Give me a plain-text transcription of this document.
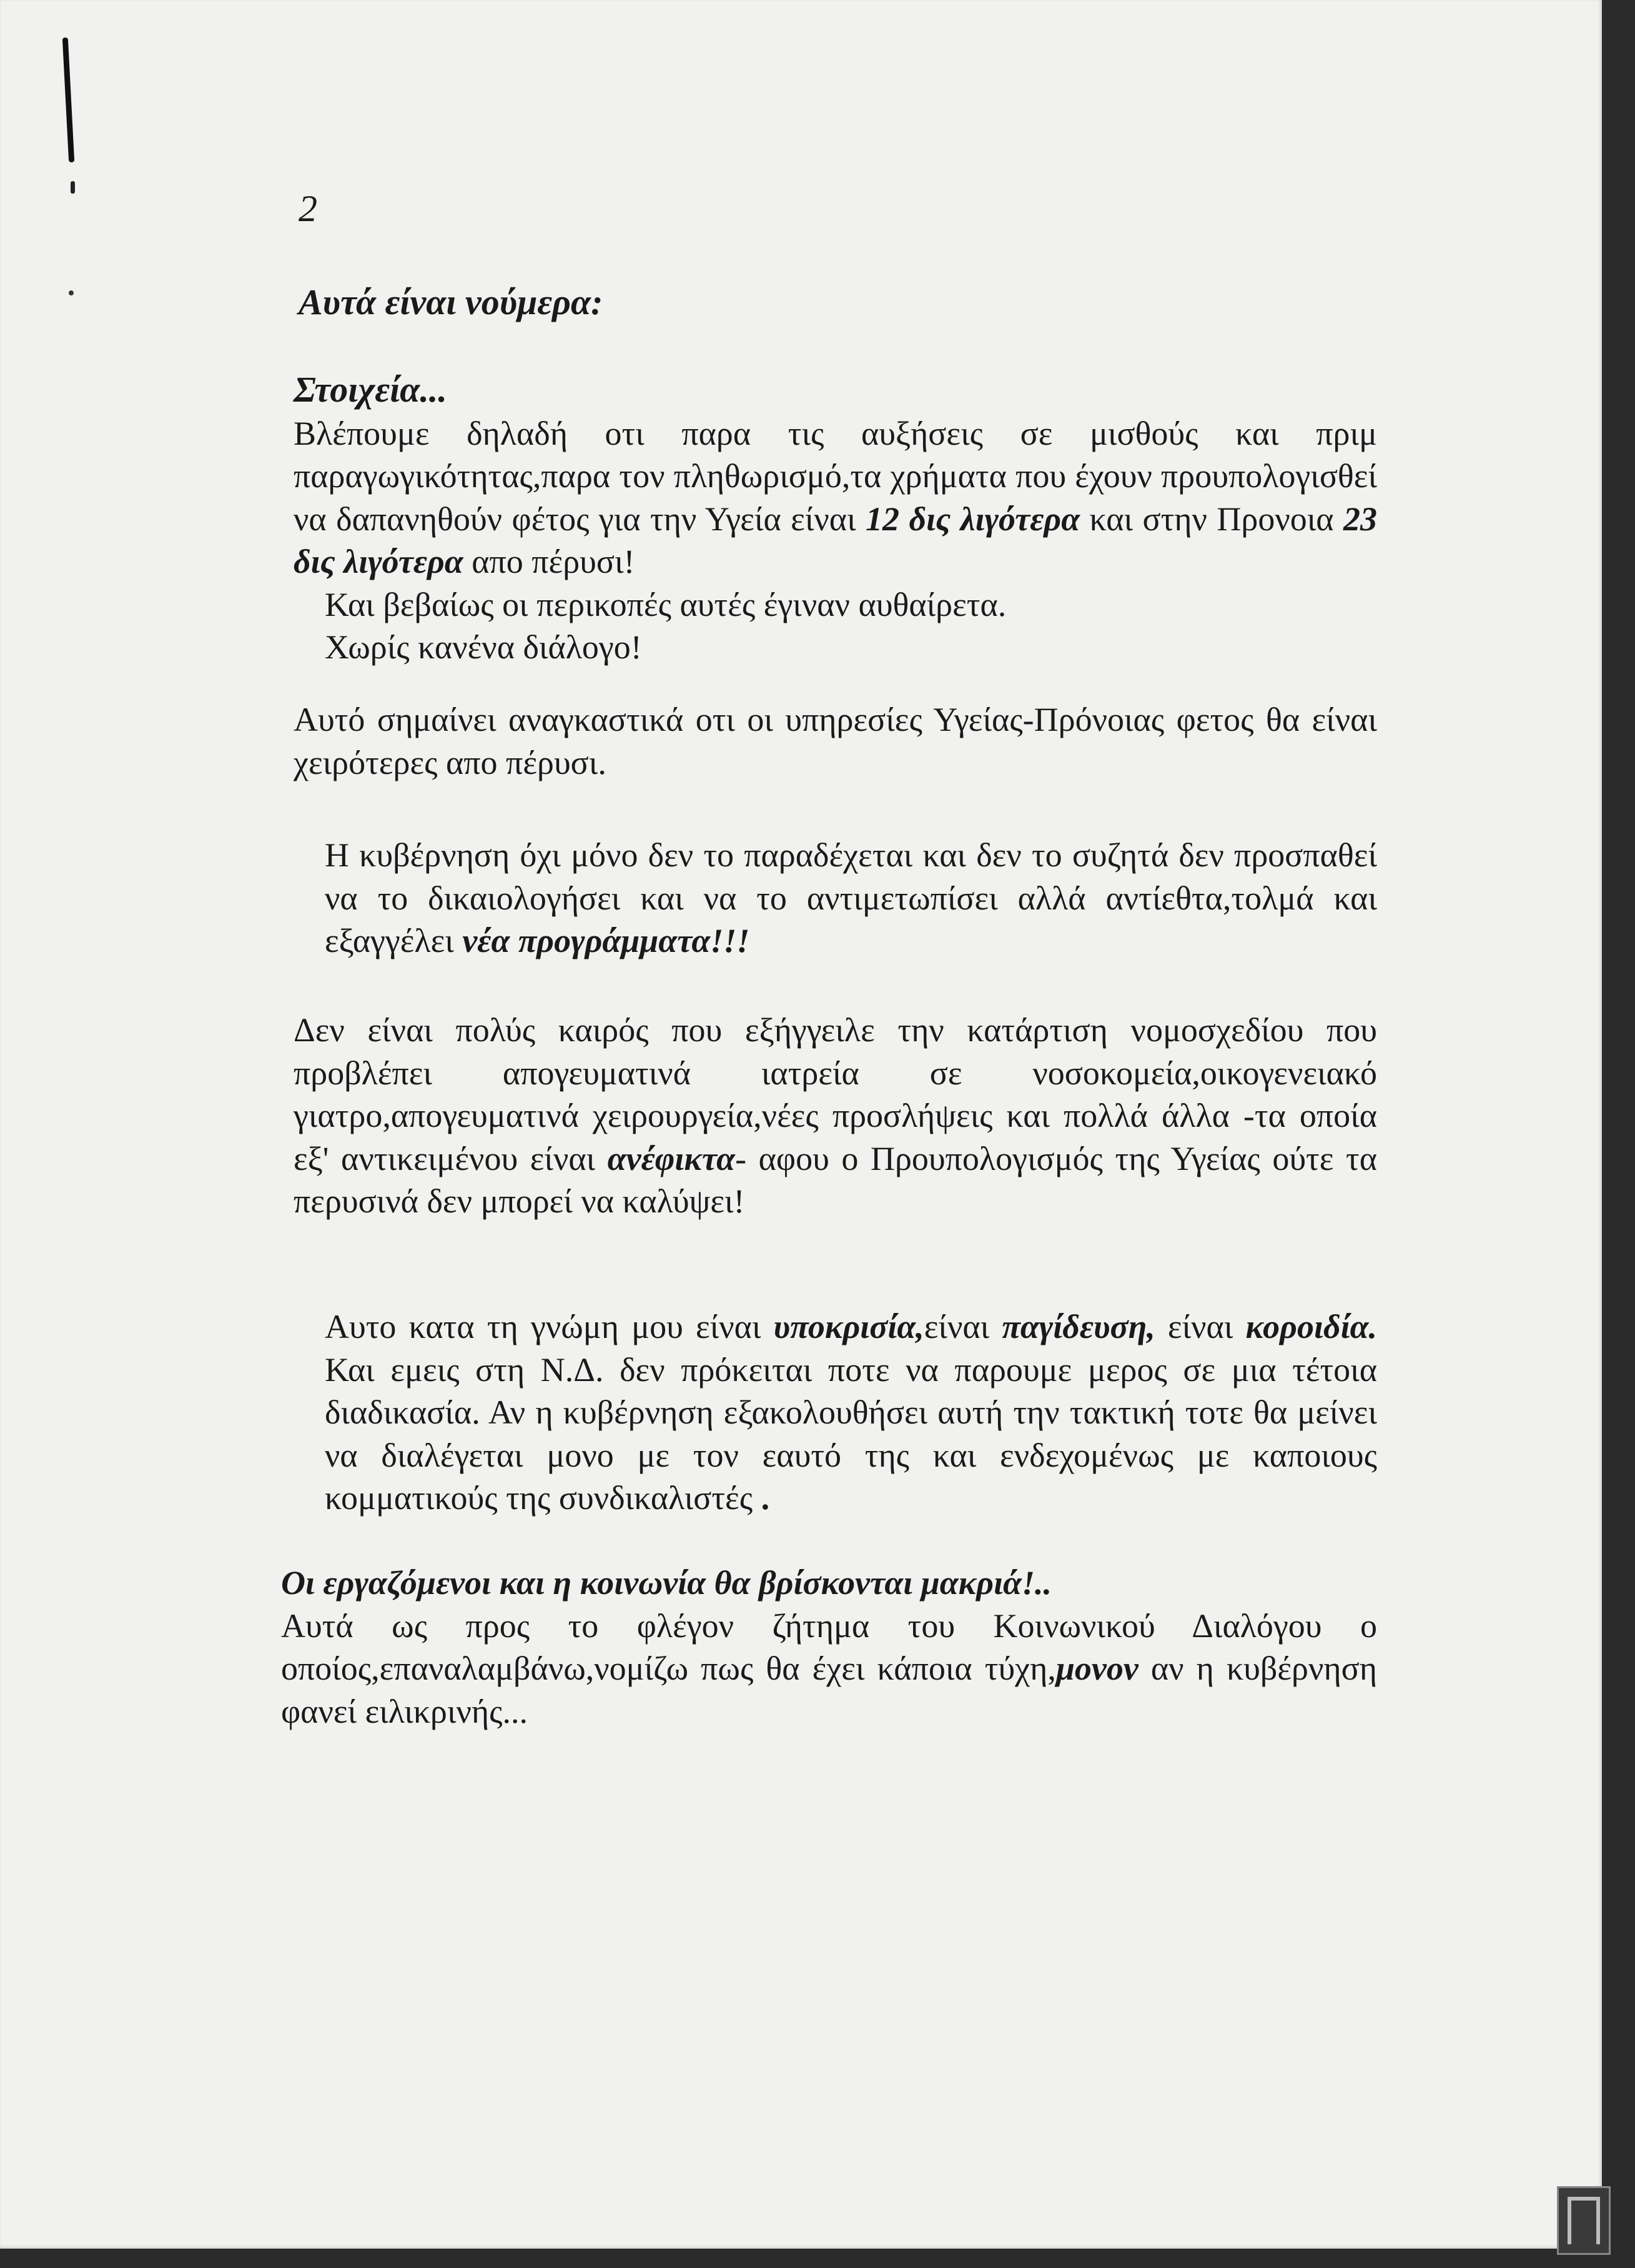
2
Αυτά είναι νούμερα:

Στοιχεία...
Βλέπουμε δηλαδή οτι παρα τις αυξήσεις σε μισθούς και πριμ παραγωγικότητας,παρα τον πληθωρισμό,τα χρήματα που έχουν προυπολογισθεί να δαπανηθούν φέτος για την Υγεία είναι 12 δις λιγότερα και στην Προνοια 23 δις λιγότερα απο πέρυσι!

Και βεβαίως οι περικοπές αυτές έγιναν αυθαίρετα.

Χωρίς κανένα διάλογο!

Αυτό σημαίνει αναγκαστικά οτι οι υπηρεσίες Υγείας-Πρόνοιας φετος θα είναι χειρότερες απο πέρυσι.

Η κυβέρνηση όχι μόνο δεν το παραδέχεται και δεν το συζητά δεν προσπαθεί να το δικαιολογήσει και να το αντιμετωπίσει αλλά αντίεθτα,τολμά και εξαγγέλει νέα προγράμματα!!!

Δεν είναι πολύς καιρός που εξήγγειλε την κατάρτιση νομοσχεδίου που προβλέπει απογευματινά ιατρεία σε νοσοκομεία,οικογενειακό γιατρο,απογευματινά χειρουργεία,νέες προσλήψεις και πολλά άλλα -τα οποία εξ' αντικειμένου είναι ανέφικτα- αφου ο Προυπολογισμός της Υγείας ούτε τα περυσινά δεν μπορεί να καλύψει!

Αυτο κατα τη γνώμη μου είναι υποκρισία,είναι παγίδευση, είναι κοροιδία. Και εμεις στη Ν.Δ. δεν πρόκειται ποτε να παρουμε μερος σε μια τέτοια διαδικασία. Αν η κυβέρνηση εξακολουθήσει αυτή την τακτική τοτε θα μείνει να διαλέγεται μονο με τον εαυτό της και ενδεχομένως με καποιους κομματικούς της συνδικαλιστές .

Οι εργαζόμενοι και η κοινωνία θα βρίσκονται μακριά!..
Αυτά ως προς το φλέγον ζήτημα του Κοινωνικού Διαλόγου ο οποίος,επαναλαμβάνω,νομίζω πως θα έχει κάποια τύχη,μονον αν η κυβέρνηση φανεί ειλικρινής...
